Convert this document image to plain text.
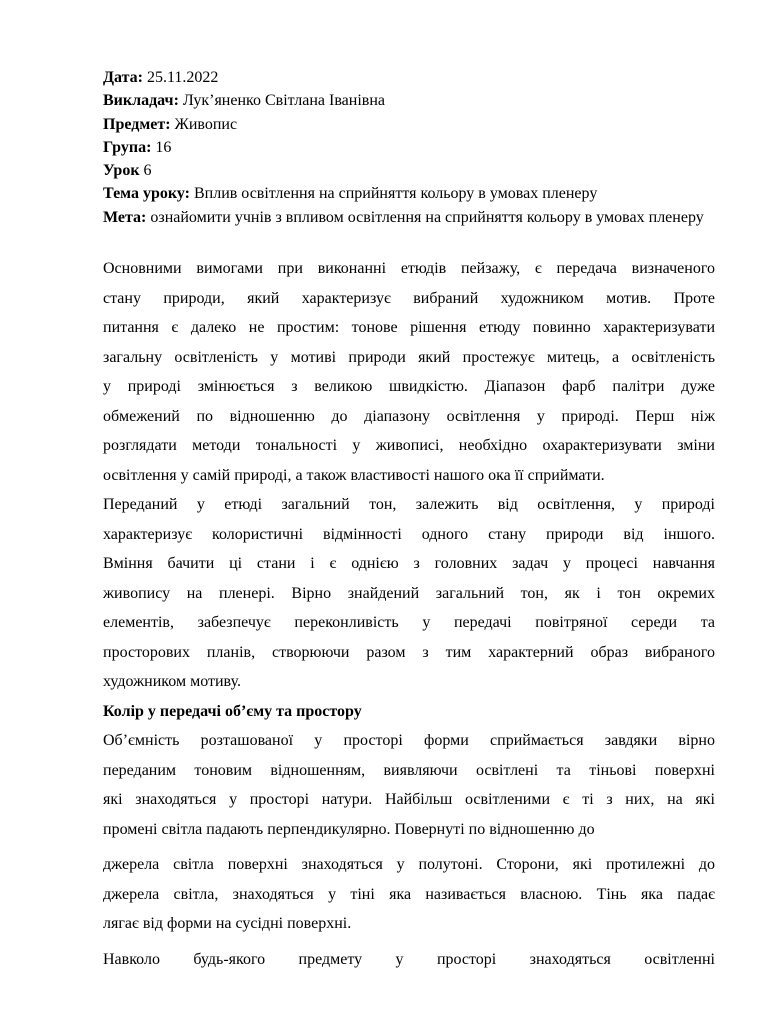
Дата: 25.11.2022

Викладач: Лук’яненко Світлана Іванівна

Предмет: Живопис

Група: 16

Урок 6

Тема уроку: Вплив освітлення на сприйняття кольору в умовах пленеру

Мета: ознайомити учнів з впливом освітлення на сприйняття кольору в умовах пленеру

Основними вимогами при виконанні етюдів пейзажу, є передача визначеного
стану природи, який характеризує вибраний художником мотив. Проте
питання є далеко не простим: тонове рішення етюду повинно характеризувати
загальну освітленість у мотиві природи який простежує митець, а освітленість
у природі змінюється з великою швидкістю. Діапазон фарб палітри дуже
обмежений по відношенню до діапазону освітлення у природі. Перш ніж
розглядати методи тональності у живописі, необхідно охарактеризувати зміни
освітлення у самій природі, а також властивості нашого ока її сприймати.
Переданий у етюді загальний тон, залежить від освітлення, у природі
характеризує колористичні відмінності одного стану природи від іншого.
Вміння бачити ці стани і є однією з головних задач у процесі навчання
живопису на пленері. Вірно знайдений загальний тон, як і тон окремих
елементів, забезпечує переконливість у передачі повітряної середи та
просторових планів, створюючи разом з тим характерний образ вибраного
художником мотиву.

Колір у передачі об’єму та простору

Об’ємність розташованої у просторі форми сприймається завдяки вірно
переданим тоновим відношенням, виявляючи освітлені та тіньові поверхні
які знаходяться у просторі натури. Найбільш освітленими є ті з них, на які
промені світла падають перпендикулярно. Повернуті по відношенню до
джерела світла поверхні знаходяться у полутоні. Сторони, які протилежні до
джерела світла, знаходяться у тіні яка називається власною. Тінь яка падає
лягає від форми на сусідні поверхні.
Навколо будь-якого предмету у просторі знаходяться освітленні
